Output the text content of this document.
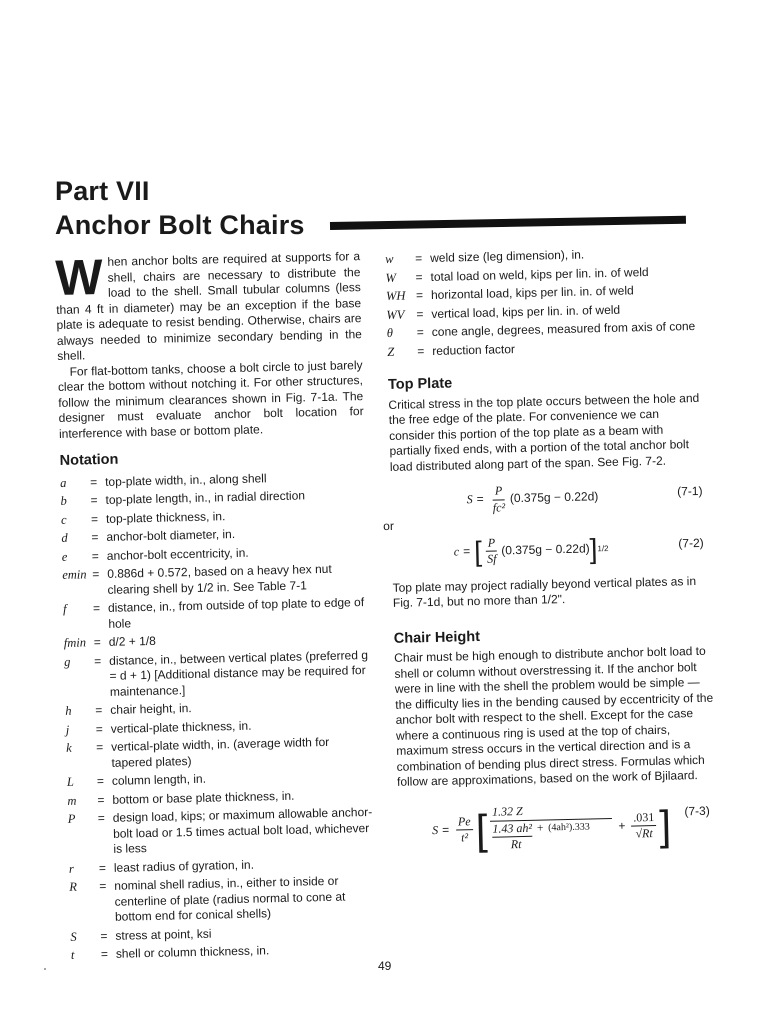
Part VII
Anchor Bolt Chairs

When anchor bolts are required at supports for a shell, chairs are necessary to distribute the load to the shell. Small tubular columns (less than 4 ft in diameter) may be an exception if the base plate is adequate to resist bending. Otherwise, chairs are always needed to minimize secondary bending in the shell.

For flat-bottom tanks, choose a bolt circle to just barely clear the bottom without notching it. For other structures, follow the minimum clearances shown in Fig. 7-1a. The designer must evaluate anchor bolt location for interference with base or bottom plate.

Notation
a	= top-plate width, in., along shell
b	= top-plate length, in., in radial direction
c	= top-plate thickness, in.
d	= anchor-bolt diameter, in.
e	= anchor-bolt eccentricity, in.
emin = 0.886d + 0.572, based on a heavy hex nut clearing shell by 1/2 in. See Table 7-1
f	= distance, in., from outside of top plate to edge of hole
fmin = d/2 + 1/8
g	= distance, in., between vertical plates (preferred g = d + 1) [Additional distance may be required for maintenance.]
h	= chair height, in.
j	= vertical-plate thickness, in.
k	= vertical-plate width, in. (average width for tapered plates)
L	= column length, in.
m	= bottom or base plate thickness, in.
P	= design load, kips; or maximum allowable anchor-bolt load or 1.5 times actual bolt load, whichever is less
r	= least radius of gyration, in.
R	= nominal shell radius, in., either to inside or centerline of plate (radius normal to cone at bottom end for conical shells)
S	= stress at point, ksi
t	= shell or column thickness, in.
w	= weld size (leg dimension), in.
W	= total load on weld, kips per lin. in. of weld
WH = horizontal load, kips per lin. in. of weld
WV = vertical load, kips per lin. in. of weld
θ	= cone angle, degrees, measured from axis of cone
Z	= reduction factor
Top Plate

Critical stress in the top plate occurs between the hole and the free edge of the plate. For convenience we can consider this portion of the top plate as a beam with partially fixed ends, with a portion of the total anchor bolt load distributed along part of the span. See Fig. 7-2.

$S = \frac{P}{\text{fc²}} (0.375g - 0.22d)$	(7-1)
or
c = [ $\frac{P}{Sf} (0.375g - 0.22d)$ ] 1/2	(7-2)

Top plate may project radially beyond vertical plates as in Fig. 7-1d, but no more than 1/2".

Chair Height

Chair must be high enough to distribute anchor bolt load to shell or column without overstressing it. If the anchor bolt were in line with the shell the problem would be simple — the difficulty lies in the bending caused by eccentricity of the anchor bolt with respect to the shell. Except for the case where a continuous ring is used at the top of chairs, maximum stress occurs in the vertical direction and is a combination of bending plus direct stress. Formulas which follow are approximations, based on the work of Bjilaard.

$S = \frac{Pe}{\text{t²}}$ [ 1.32 Z
1.43 ah² + (4ah²).333
$Rt + \frac{.031}{√Rt}$ ] (7-3)
49
